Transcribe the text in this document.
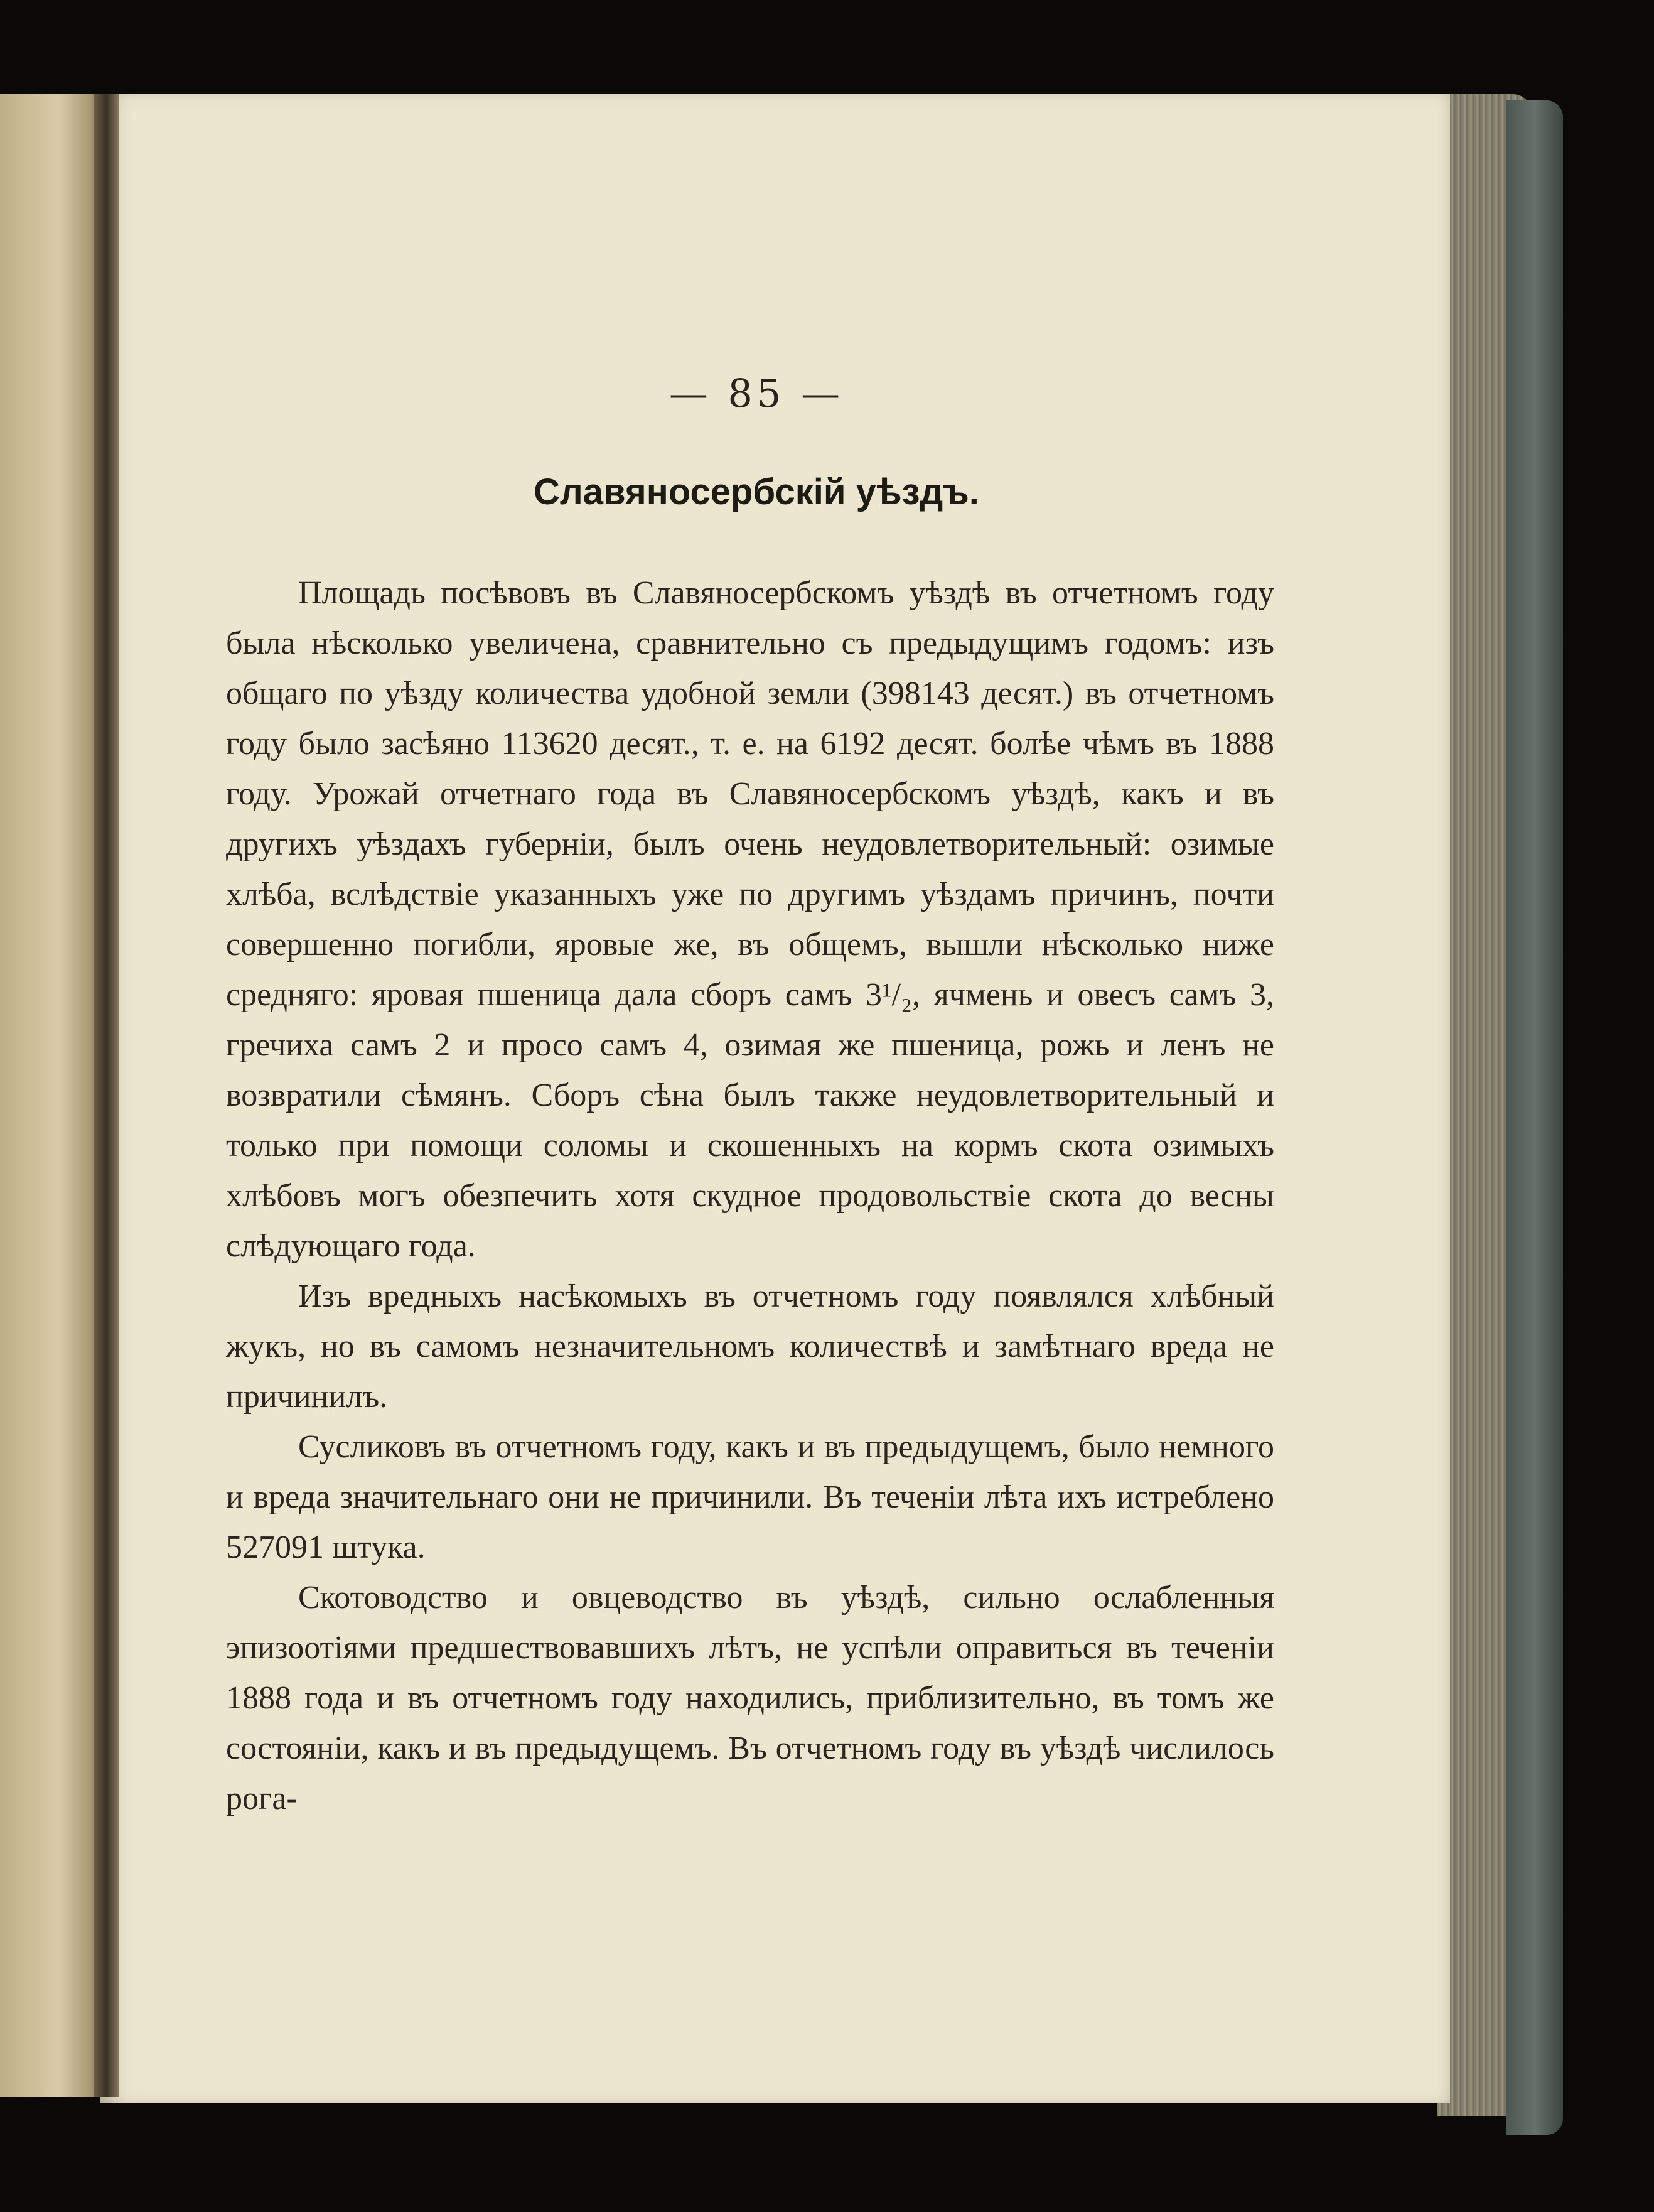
— 85 —
Славяносербскій уѣздъ.

Площадь посѣвовъ въ Славяносербскомъ уѣздѣ въ отчетномъ году была нѣсколько увеличена, сравнительно съ предыдущимъ годомъ: изъ общаго по уѣзду количества удобной земли (398143 десят.) въ отчетномъ году было засѣяно 113620 десят., т. е. на 6192 десят. болѣе чѣмъ въ 1888 году. Урожай отчетнаго года въ Славяносербскомъ уѣздѣ, какъ и въ другихъ уѣздахъ губерніи, былъ очень неудовлетворительный: озимые хлѣба, вслѣдствіе указанныхъ уже по другимъ уѣздамъ причинъ, почти совершенно погибли, яровые же, въ общемъ, вышли нѣсколько ниже средняго: яровая пшеница дала сборъ самъ 3¹/₂, ячмень и овесъ самъ 3, гречиха самъ 2 и просо самъ 4, озимая же пшеница, рожь и ленъ не возвратили сѣмянъ. Сборъ сѣна былъ также неудовлетворительный и только при помощи соломы и скошенныхъ на кормъ скота озимыхъ хлѣбовъ могъ обезпечить хотя скудное продовольствіе скота до весны слѣдующаго года.

Изъ вредныхъ насѣкомыхъ въ отчетномъ году появлялся хлѣбный жукъ, но въ самомъ незначительномъ количествѣ и замѣтнаго вреда не причинилъ.

Сусликовъ въ отчетномъ году, какъ и въ предыдущемъ, было немного и вреда значительнаго они не причинили. Въ теченіи лѣта ихъ истреблено 527091 штука.

Скотоводство и овцеводство въ уѣздѣ, сильно ослабленныя эпизоотіями предшествовавшихъ лѣтъ, не успѣли оправиться въ теченіи 1888 года и въ отчетномъ году находились, приблизительно, въ томъ же состояніи, какъ и въ предыдущемъ. Въ отчетномъ году въ уѣздѣ числилось рога-
